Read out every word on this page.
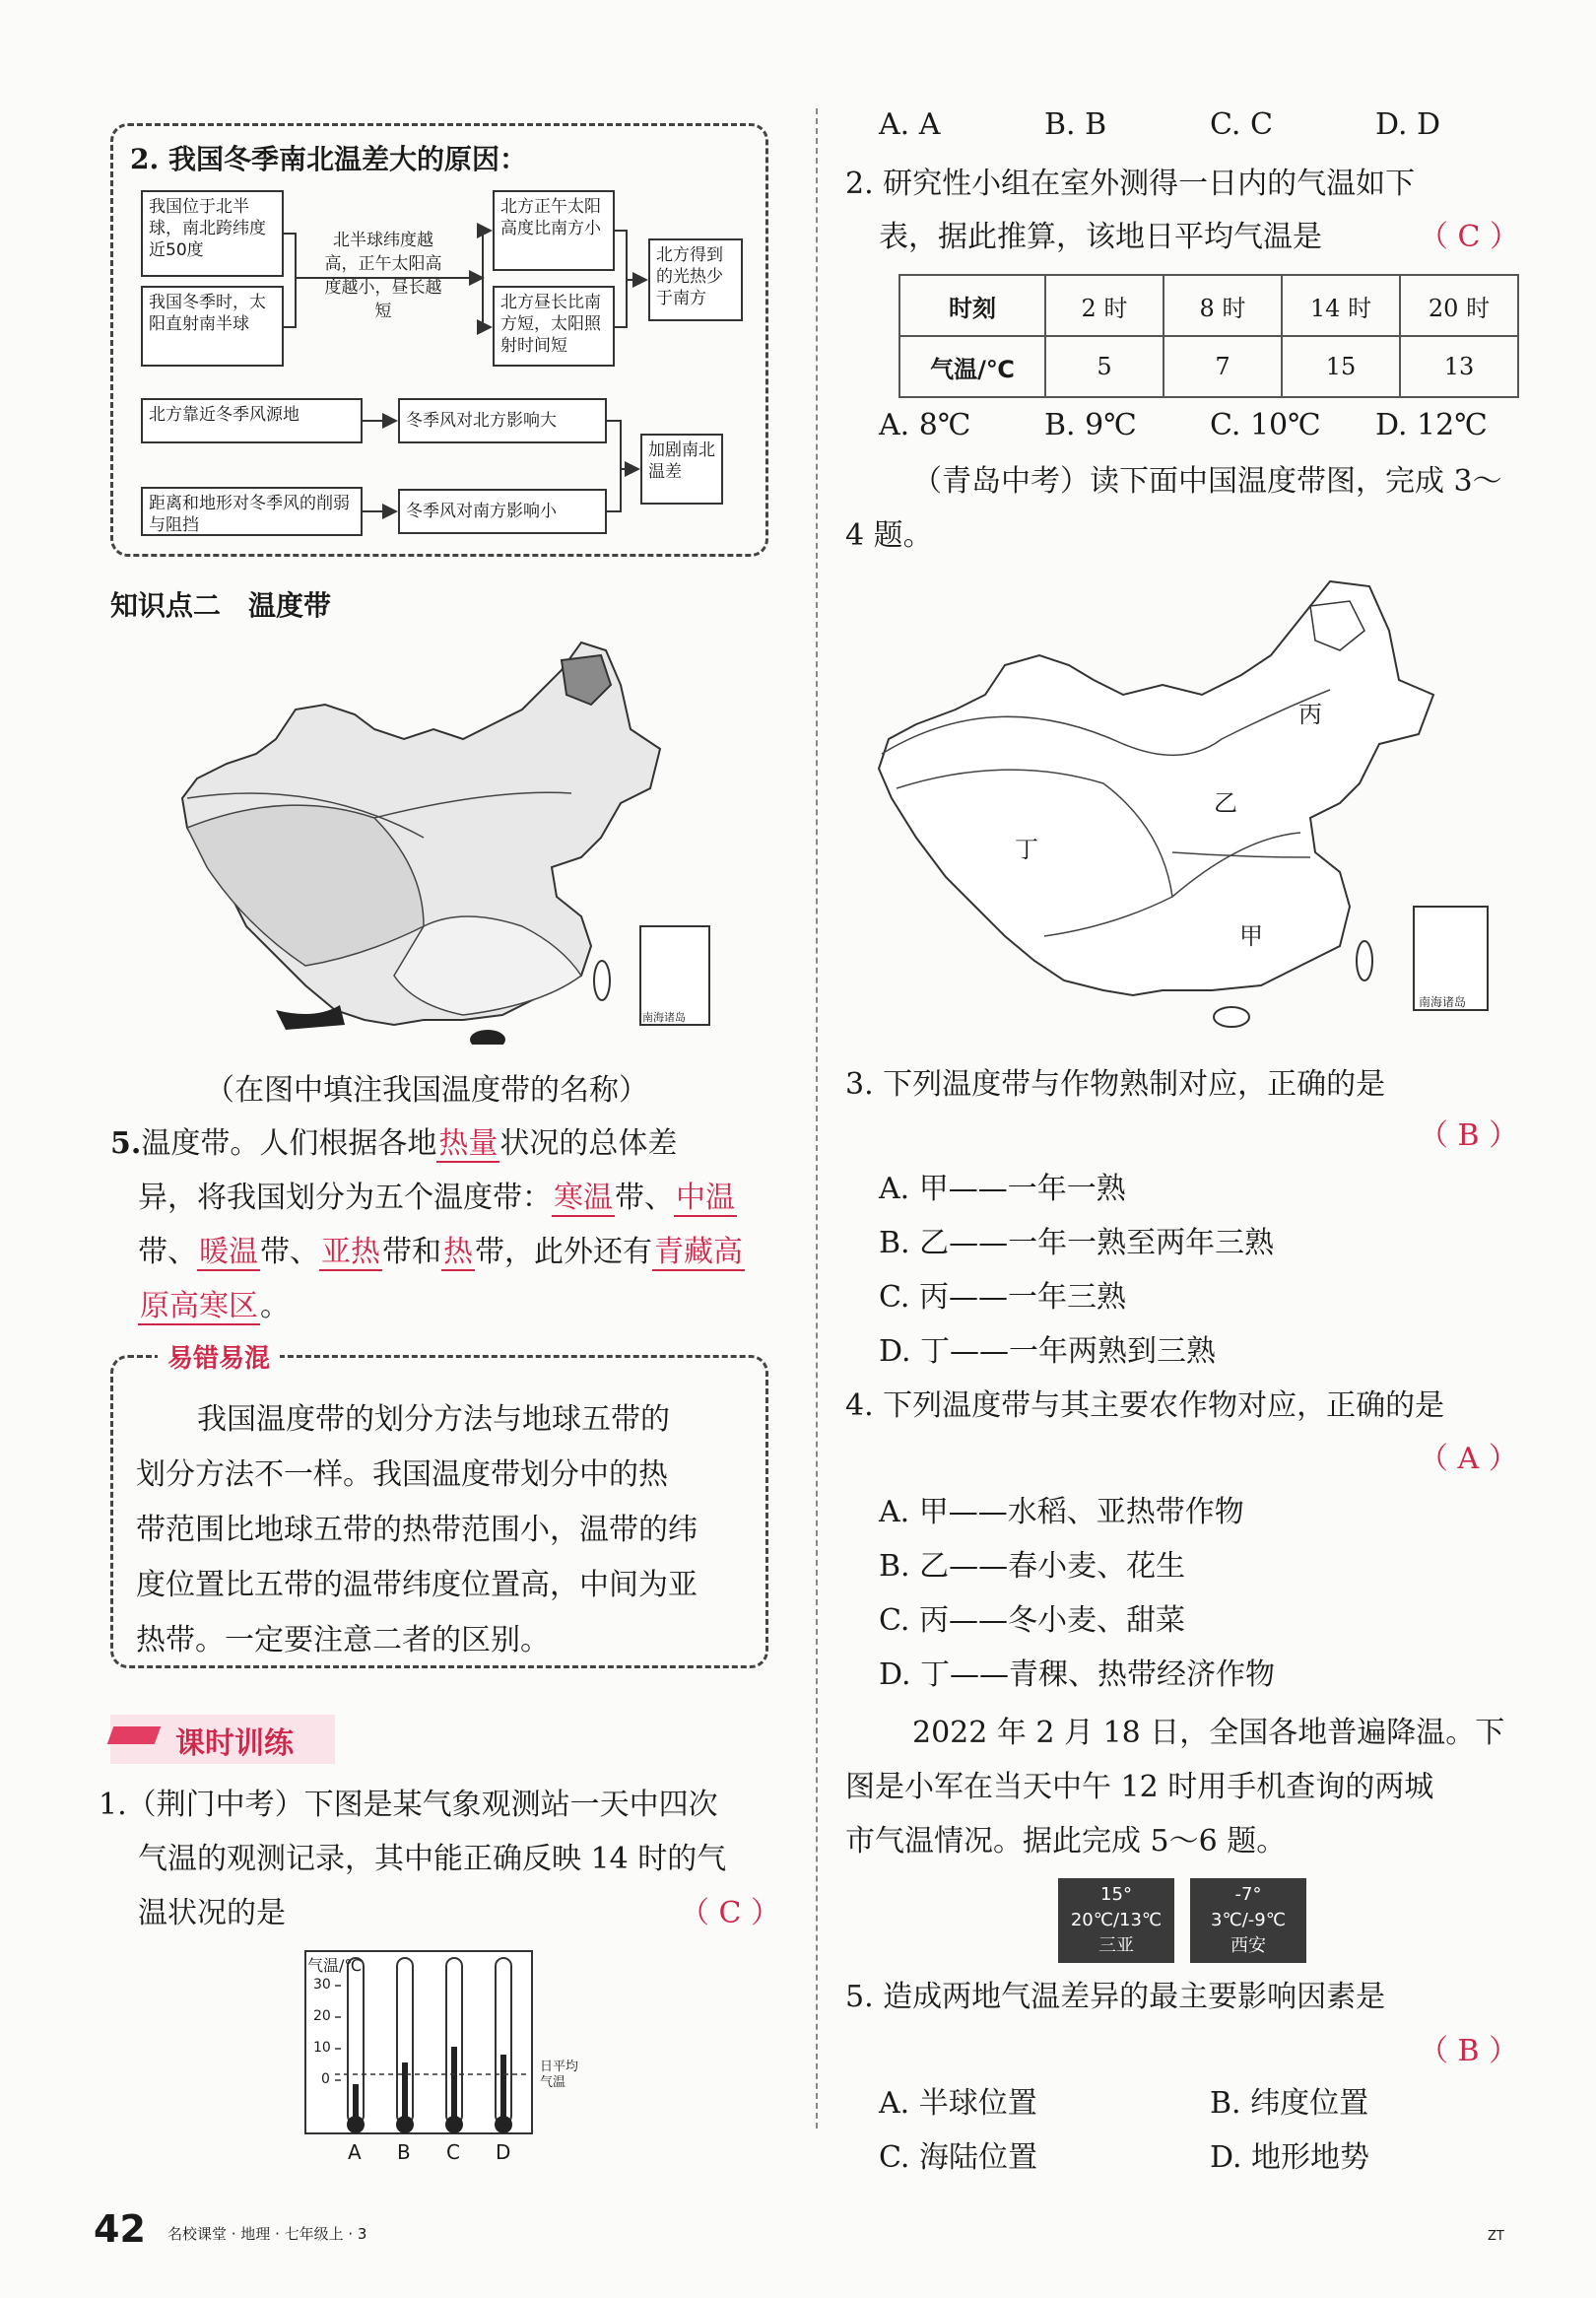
2. 我国冬季南北温差大的原因：
我国位于北半球，南北跨纬度近50度
我国冬季时，太阳直射南半球
北半球纬度越高，正午太阳高度越小，昼长越短
北方正午太阳高度比南方小
北方昼长比南方短，太阳照射时间短
北方得到的光热少于南方
北方靠近冬季风源地
距离和地形对冬季风的削弱与阻挡
冬季风对北方影响大
冬季风对南方影响小
加剧南北温差
知识点二　温度带
南海诸岛
（在图中填注我国温度带的名称）
5.温度带。人们根据各地热量状况的总体差
异，将我国划分为五个温度带：寒温带、中温
带、暖温带、亚热带和热带，此外还有青藏高
原高寒区。
易错易混
我国温度带的划分方法与地球五带的
划分方法不一样。我国温度带划分中的热
带范围比地球五带的热带范围小，温带的纬
度位置比五带的温带纬度位置高，中间为亚
热带。一定要注意二者的区别。
课时训练
1.（荆门中考）下图是某气象观测站一天中四次
气温的观测记录，其中能正确反映 14 时的气
温状况的是	（ C ）
气温/℃
30
20
10
0
日平均气温
A B C D
A. A	B. B	C. C	D. D
2. 研究性小组在室外测得一日内的气温如下
表，据此推算，该地日平均气温是	（ C ）
时刻	2 时	8 时	14 时	20 时
气温/℃	5	7	15	13
A. 8℃ B. 9℃ C. 10℃ D. 12℃
（青岛中考）读下面中国温度带图，完成 3～
4 题。
丙
乙
丁
甲
南海诸岛
3. 下列温度带与作物熟制对应，正确的是
（ B ）
A. 甲——一年一熟
B. 乙——一年一熟至两年三熟
C. 丙——一年三熟
D. 丁——一年两熟到三熟
4. 下列温度带与其主要农作物对应，正确的是
（ A ）
A. 甲——水稻、亚热带作物
B. 乙——春小麦、花生
C. 丙——冬小麦、甜菜
D. 丁——青稞、热带经济作物
2022 年 2 月 18 日，全国各地普遍降温。下
图是小军在当天中午 12 时用手机查询的两城
市气温情况。据此完成 5～6 题。
15°
20℃/13℃
三亚
-7°
3℃/-9℃
西安
5. 造成两地气温差异的最主要影响因素是
（ B ）
A. 半球位置	B. 纬度位置
C. 海陆位置	D. 地形地势
42 名校课堂 · 地理 · 七年级上 · 3	ZT
